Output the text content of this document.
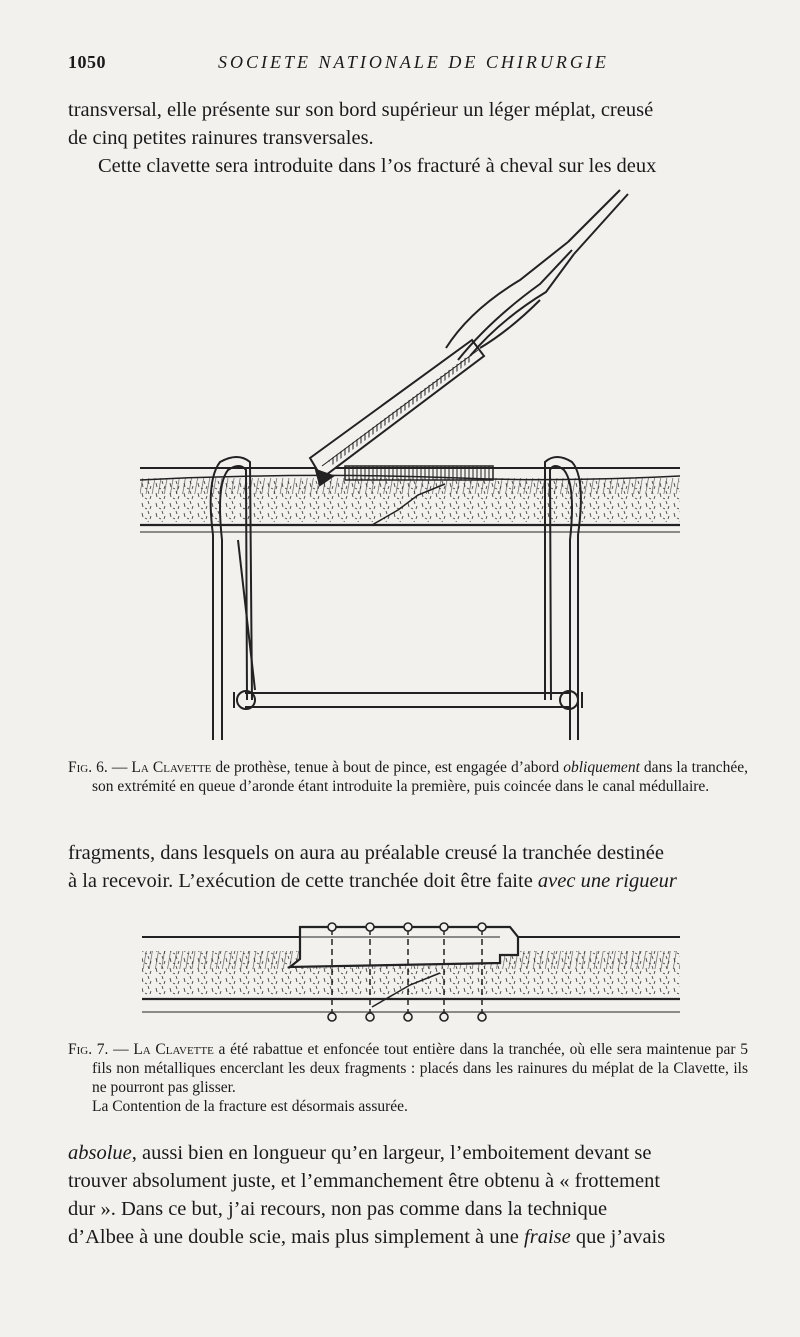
1050	SOCIETE NATIONALE DE CHIRURGIE

transversal, elle présente sur son bord supérieur un léger méplat, creusé

de cinq petites rainures transversales.

Cette clavette sera introduite dans l’os fracturé à cheval sur les deux

Fig. 6. — La Clavette de prothèse, tenue à bout de pince, est engagée d’abord obliquement dans la tranchée, son extrémité en queue d’aronde étant introduite la première, puis coincée dans le canal médullaire.

fragments, dans lesquels on aura au préalable creusé la tranchée destinée

à la recevoir. L’exécution de cette tranchée doit être faite avec une rigueur

Fig. 7. — La Clavette a été rabattue et enfoncée tout entière dans la tranchée, où elle sera maintenue par 5 fils non métalliques encerclant les deux fragments : placés dans les rainures du méplat de la Clavette, ils ne pourront pas glisser.

La Contention de la fracture est désormais assurée.

absolue, aussi bien en longueur qu’en largeur, l’emboitement devant se

trouver absolument juste, et l’emmanchement être obtenu à « frottement

dur ». Dans ce but, j’ai recours, non pas comme dans la technique

d’Albee à une double scie, mais plus simplement à une fraise que j’avais
